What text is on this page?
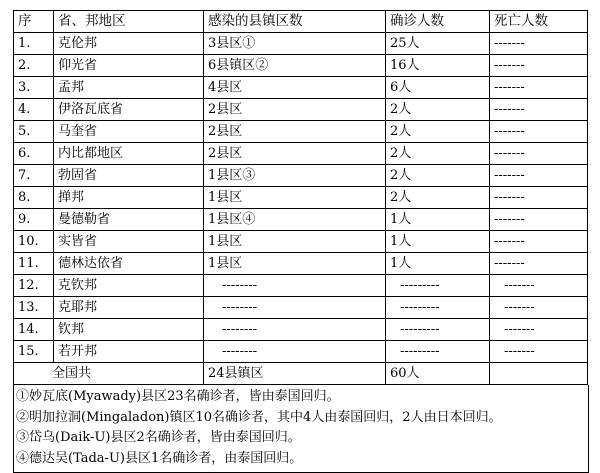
序	省、邦地区	感染的县镇区数	确诊人数	死亡人数
1.	克伦邦	3县区①	25人	-------
2.	仰光省	6县镇区②	16人	-------
3.	孟邦	4县区	6人	-------
4.	伊洛瓦底省	2县区	2人	-------
5.	马奎省	2县区	2人	-------
6.	内比都地区	2县区	2人	-------
7.	勃固省	1县区③	2人	-------
8.	掸邦	1县区	2人	-------
9.	曼德勒省	1县区④	1人	-------
10.	实皆省	1县区	1人	-------
11.	德林达依省	1县区	1人	-------
12.	克钦邦	--------	---------	-------
13.	克耶邦	--------	---------	-------
14.	钦邦	--------	---------	-------
15.	若开邦	--------	---------	-------
全国共		24县镇区	60人	
①妙瓦底(Myawady)县区23名确诊者，皆由泰国回归。
②明加拉洞(Mingaladon)镇区10名确诊者，其中4人由泰国回归，2人由日本回归。
③岱乌(Daik-U)县区2名确诊者，皆由泰国回归。
④德达吴(Tada-U)县区1名确诊者，由泰国回归。
